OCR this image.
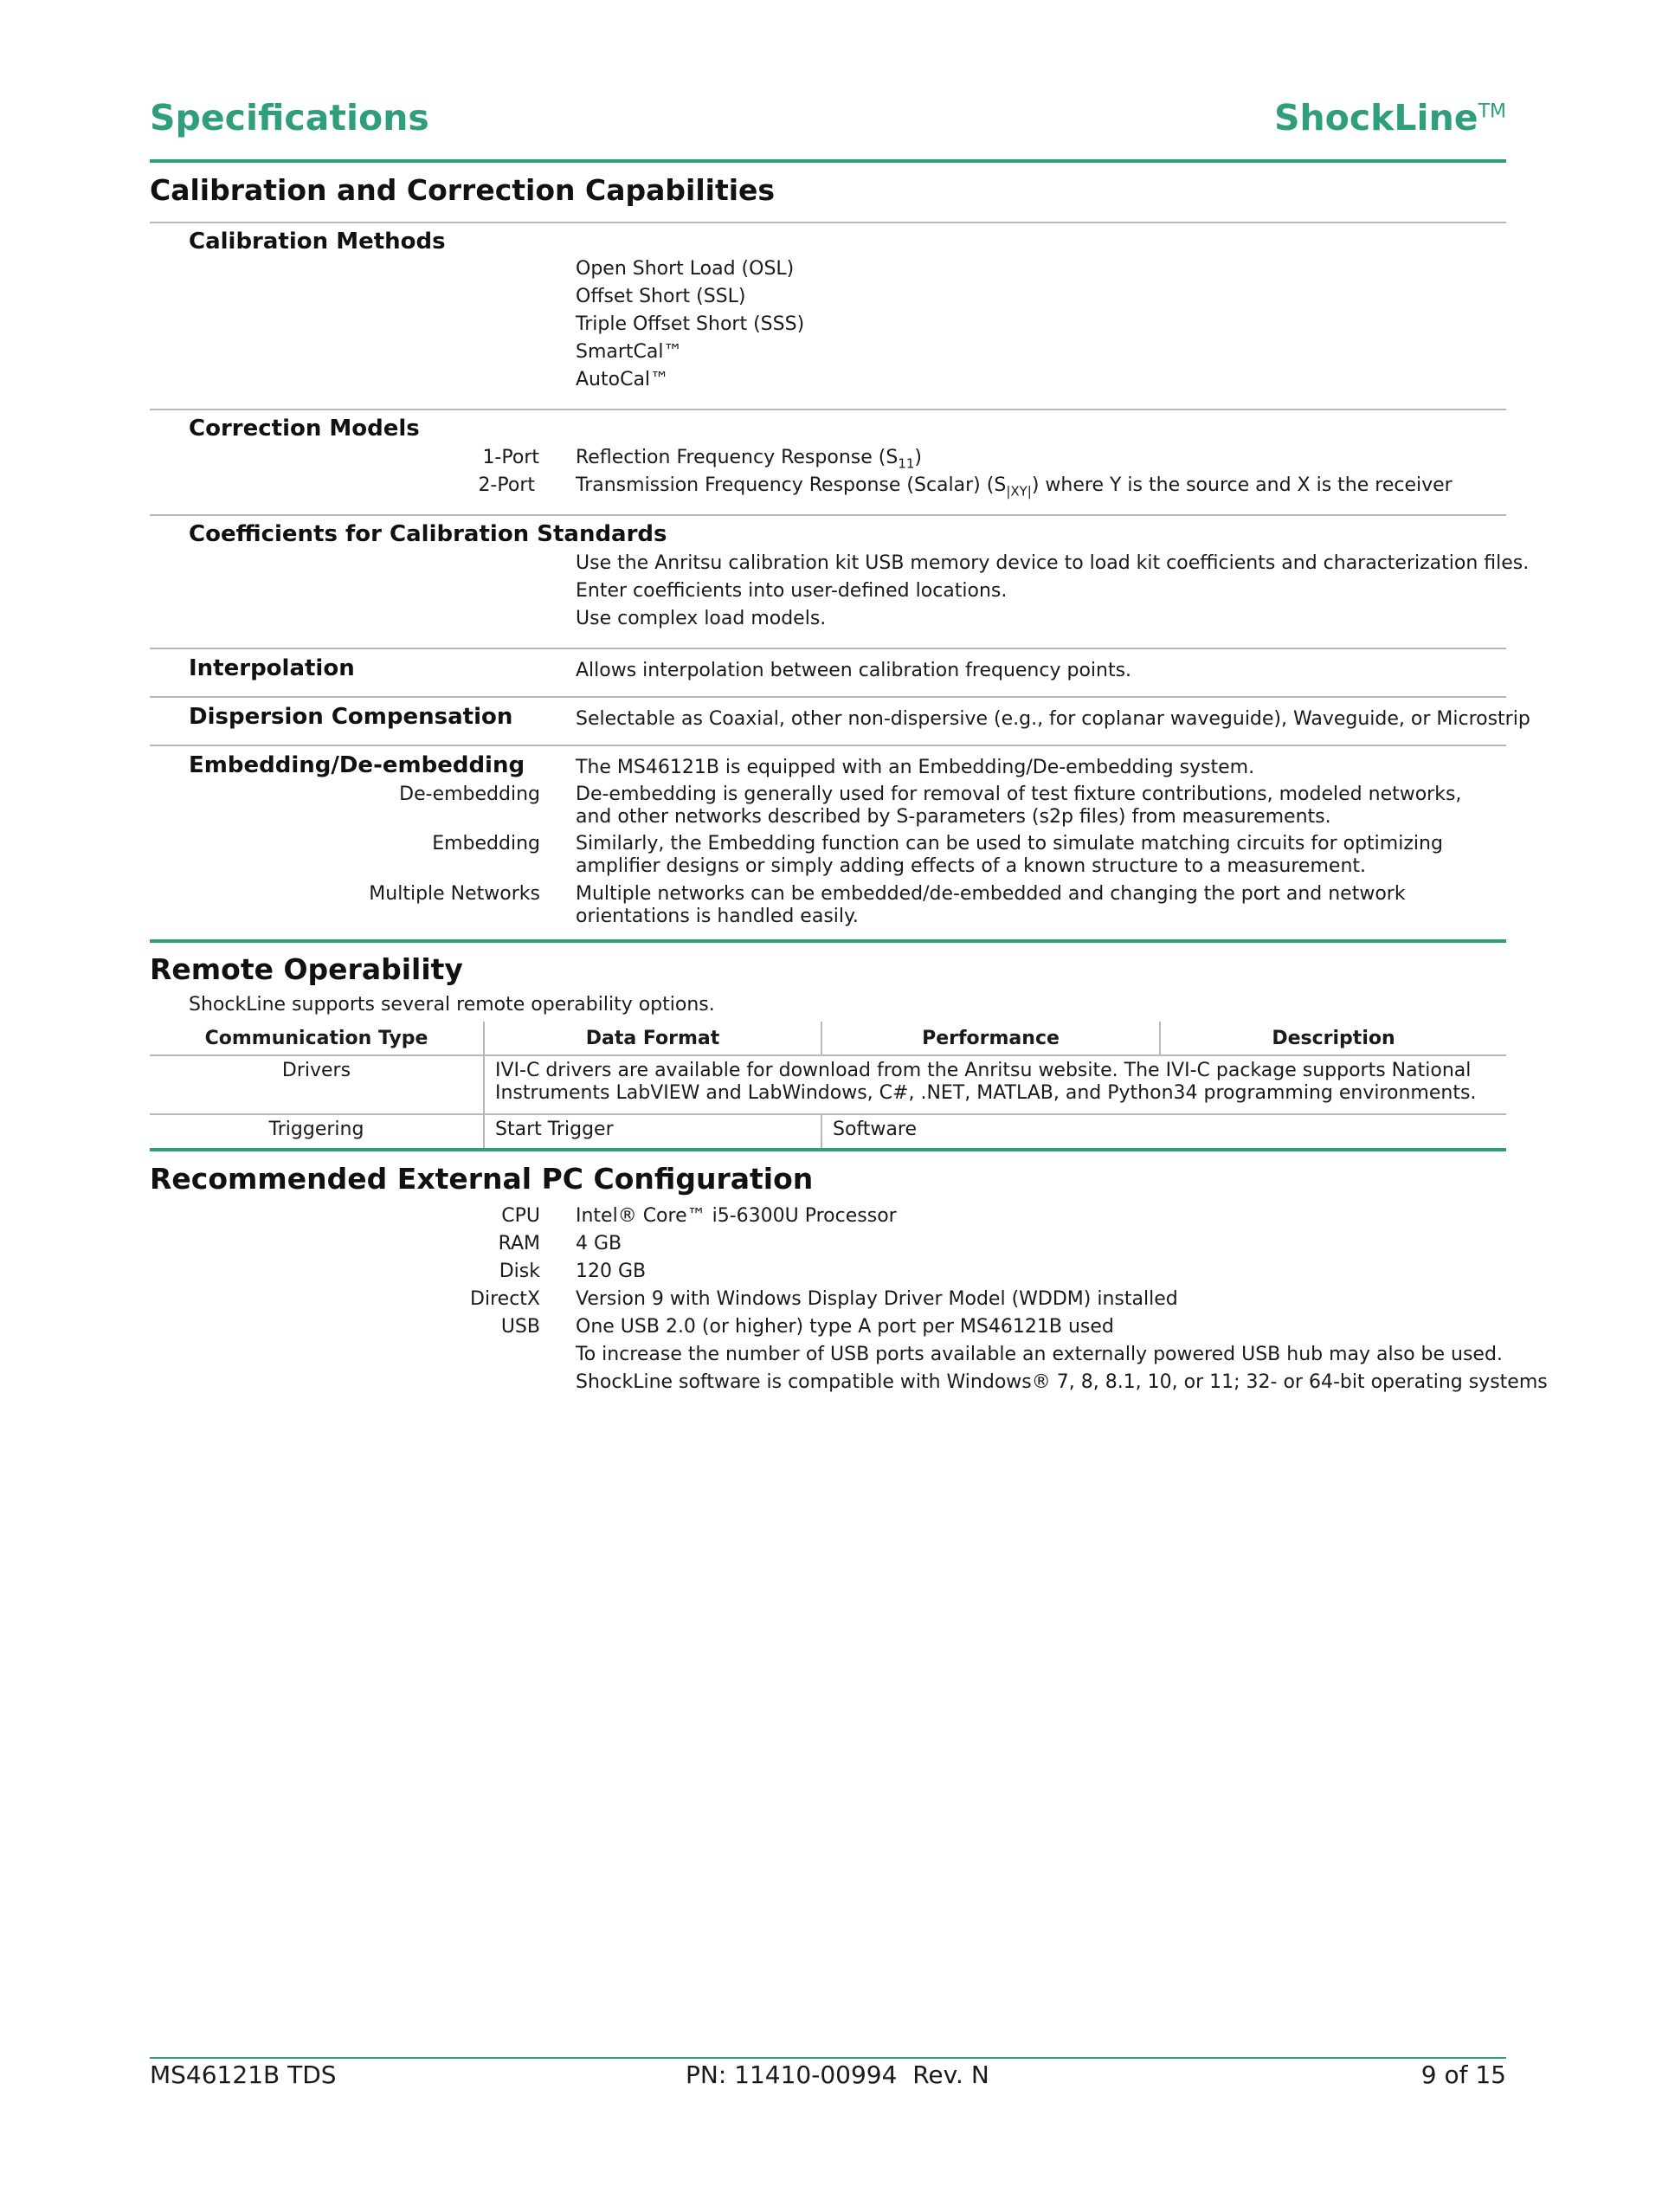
Specifications	ShockLine™
Calibration and Correction Capabilities
Calibration Methods
Open Short Load (OSL)
Offset Short (SSL)
Triple Offset Short (SSS)
SmartCal™
AutoCal™
Correction Models
1-Port Reflection Frequency Response $(S_{11})$
2-Port Transmission Frequency Response (Scalar) $(S_{|XY|})$ where Y is the source and X is the receiver
Coefficients for Calibration Standards
Use the Anritsu calibration kit USB memory device to load kit coefficients and characterization files.
Enter coefficients into user-defined locations.
Use complex load models.
Interpolation	Allows interpolation between calibration frequency points.
Dispersion Compensation	Selectable as Coaxial, other non-dispersive (e.g., for coplanar waveguide), Waveguide, or Microstrip
Embedding/De-embedding	The MS46121B is equipped with an Embedding/De-embedding system.
De-embedding De-embedding is generally used for removal of test fixture contributions, modeled networks, and other networks described by S-parameters (s2p files) from measurements.
Embedding Similarly, the Embedding function can be used to simulate matching circuits for optimizing amplifier designs or simply adding effects of a known structure to a measurement.
Multiple Networks Multiple networks can be embedded/de-embedded and changing the port and network orientations is handled easily.
Remote Operability
ShockLine supports several remote operability options.
Communication Type	Data Format	Performance	Description
Drivers	IVI-C drivers are available for download from the Anritsu website. The IVI-C package supports National Instruments LabVIEW and LabWindows, C#, .NET, MATLAB, and Python34 programming environments.		
Triggering	Start Trigger	Software	
Recommended External PC Configuration
CPU Intel® Core™ i5-6300U Processor
RAM 4 GB
Disk 120 GB
DirectX Version 9 with Windows Display Driver Model (WDDM) installed
USB One USB 2.0 (or higher) type A port per MS46121B used
To increase the number of USB ports available an externally powered USB hub may also be used.
ShockLine software is compatible with Windows® 7, 8, 8.1, 10, or 11; 32- or 64-bit operating systems
MS46121B TDS	PN: 11410-00994  Rev. N	9 of 15
